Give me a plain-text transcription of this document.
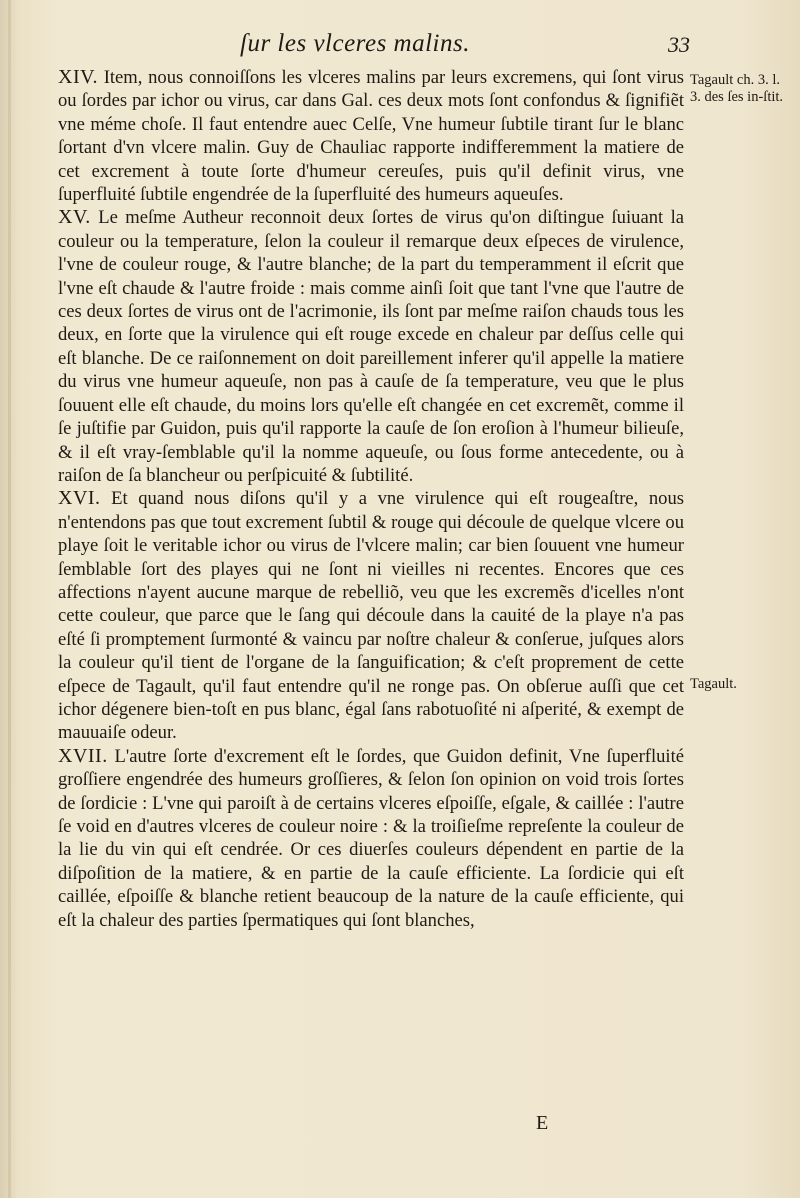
ſur les vlceres malins.	33
Tagault ch. 3. l. 3. des ſes in-ſtit.
Tagault.

XIV. Item, nous connoiſſons les vlceres malins par leurs excremens, qui ſont virus ou ſordes par ichor ou virus, car dans Gal. ces deux mots ſont confondus & ſignifiẽt vne méme choſe. Il faut entendre auec Celſe, Vne humeur ſubtile tirant ſur le blanc ſortant d'vn vlcere malin. Guy de Chauliac rapporte indifferemment la matiere de cet excrement à toute ſorte d'humeur cereuſes, puis qu'il definit virus, vne ſuperfluité ſubtile engendrée de la ſuperfluité des humeurs aqueuſes.

XV. Le meſme Autheur reconnoit deux ſortes de virus qu'on diſtingue ſuiuant la couleur ou la temperature, ſelon la couleur il remarque deux eſpeces de virulence, l'vne de couleur rouge, & l'autre blanche; de la part du temperamment il eſcrit que l'vne eſt chaude & l'autre froide : mais comme ainſi ſoit que tant l'vne que l'autre de ces deux ſortes de virus ont de l'acrimonie, ils ſont par meſme raiſon chauds tous les deux, en ſorte que la virulence qui eſt rouge excede en chaleur par deſſus celle qui eſt blanche. De ce raiſonnement on doit pareillement inferer qu'il appelle la matiere du virus vne humeur aqueuſe, non pas à cauſe de ſa temperature, veu que le plus ſouuent elle eſt chaude, du moins lors qu'elle eſt changée en cet excremẽt, comme il ſe juſtifie par Guidon, puis qu'il rapporte la cauſe de ſon eroſion à l'humeur bilieuſe, & il eſt vray-ſemblable qu'il la nomme aqueuſe, ou ſous forme antecedente, ou à raiſon de ſa blancheur ou perſpicuité & ſubtilité.

XVI. Et quand nous diſons qu'il y a vne virulence qui eſt rougeaſtre, nous n'entendons pas que tout excrement ſubtil & rouge qui découle de quelque vlcere ou playe ſoit le veritable ichor ou virus de l'vlcere malin; car bien ſouuent vne humeur ſemblable ſort des playes qui ne ſont ni vieilles ni recentes. Encores que ces affections n'ayent aucune marque de rebelliõ, veu que les excremẽs d'icelles n'ont cette couleur, que parce que le ſang qui découle dans la cauité de la playe n'a pas eſté ſi promptement ſurmonté & vaincu par noſtre chaleur & conſerue, juſques alors la couleur qu'il tient de l'organe de la ſanguification; & c'eſt proprement de cette eſpece de Tagault, qu'il faut entendre qu'il ne ronge pas. On obſerue auſſi que cet ichor dégenere bien-toſt en pus blanc, égal ſans rabotuoſité ni aſperité, & exempt de mauuaiſe odeur.

XVII. L'autre ſorte d'excrement eſt le ſordes, que Guidon definit, Vne ſuperfluité groſſiere engendrée des humeurs groſſieres, & ſelon ſon opinion on void trois ſortes de ſordicie : L'vne qui paroiſt à de certains vlceres eſpoiſſe, eſgale, & caillée : l'autre ſe void en d'autres vlceres de couleur noire : & la troiſieſme repreſente la couleur de la lie du vin qui eſt cendrée. Or ces diuerſes couleurs dépendent en partie de la diſpoſition de la matiere, & en partie de la cauſe efficiente. La ſordicie qui eſt caillée, eſpoiſſe & blanche retient beaucoup de la nature de la cauſe efficiente, qui eſt la chaleur des parties ſpermatiques qui ſont blanches,

E
